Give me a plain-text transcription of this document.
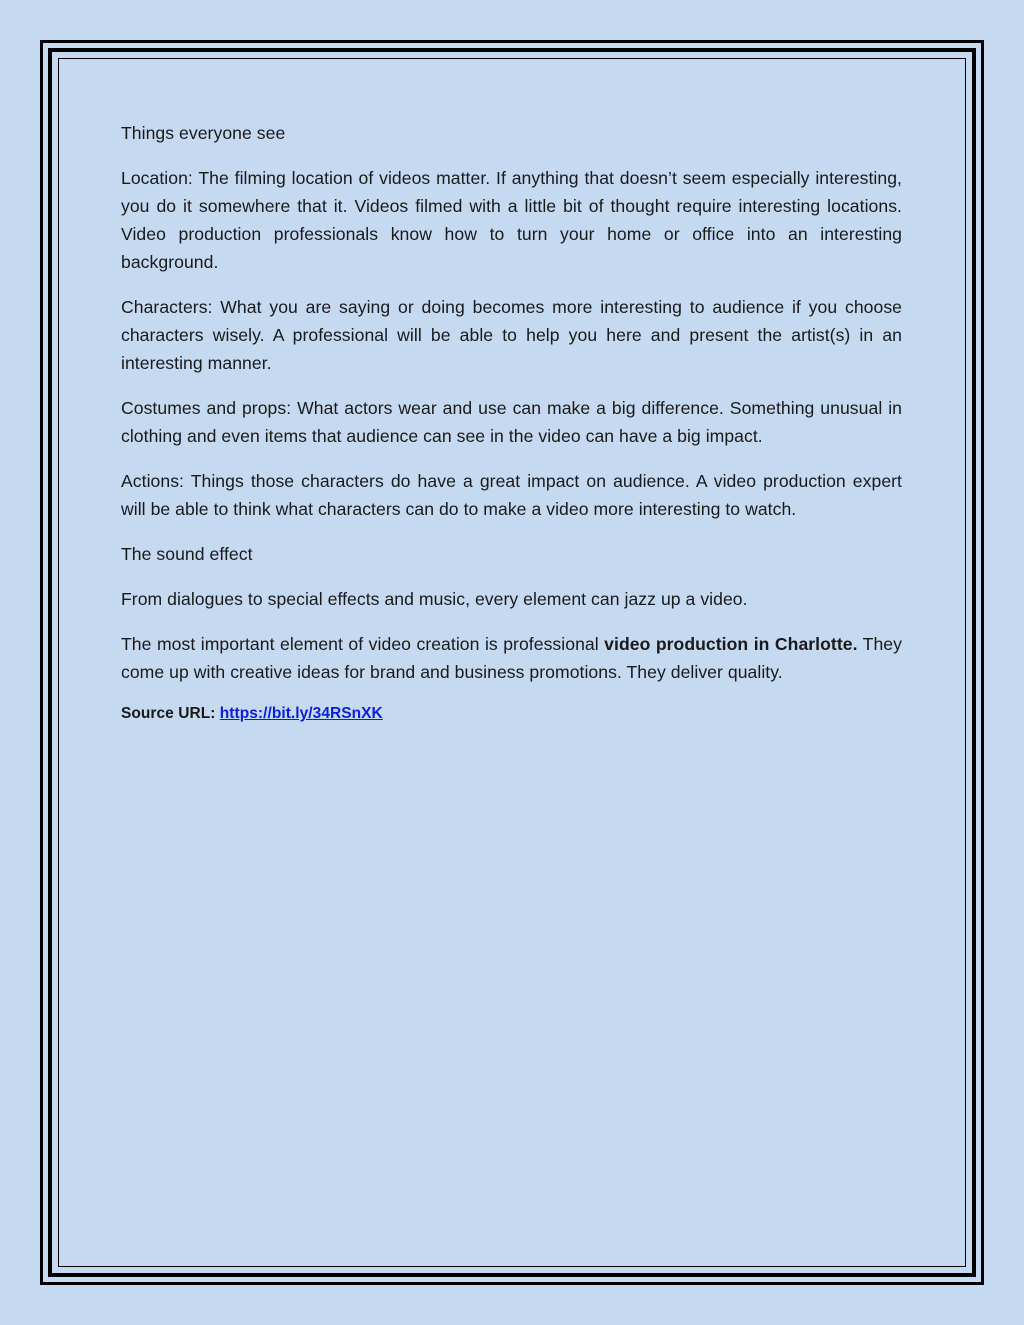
Things everyone see

Location: The filming location of videos matter. If anything that doesn’t seem especially interesting, you do it somewhere that it. Videos filmed with a little bit of thought require interesting locations. Video production professionals know how to turn your home or office into an interesting background.

Characters: What you are saying or doing becomes more interesting to audience if you choose characters wisely. A professional will be able to help you here and present the artist(s) in an interesting manner.

Costumes and props: What actors wear and use can make a big difference. Something unusual in clothing and even items that audience can see in the video can have a big impact.

Actions: Things those characters do have a great impact on audience. A video production expert will be able to think what characters can do to make a video more interesting to watch.

The sound effect

From dialogues to special effects and music, every element can jazz up a video.

The most important element of video creation is professional video production in Charlotte. They come up with creative ideas for brand and business promotions. They deliver quality.

Source URL: https://bit.ly/34RSnXK
